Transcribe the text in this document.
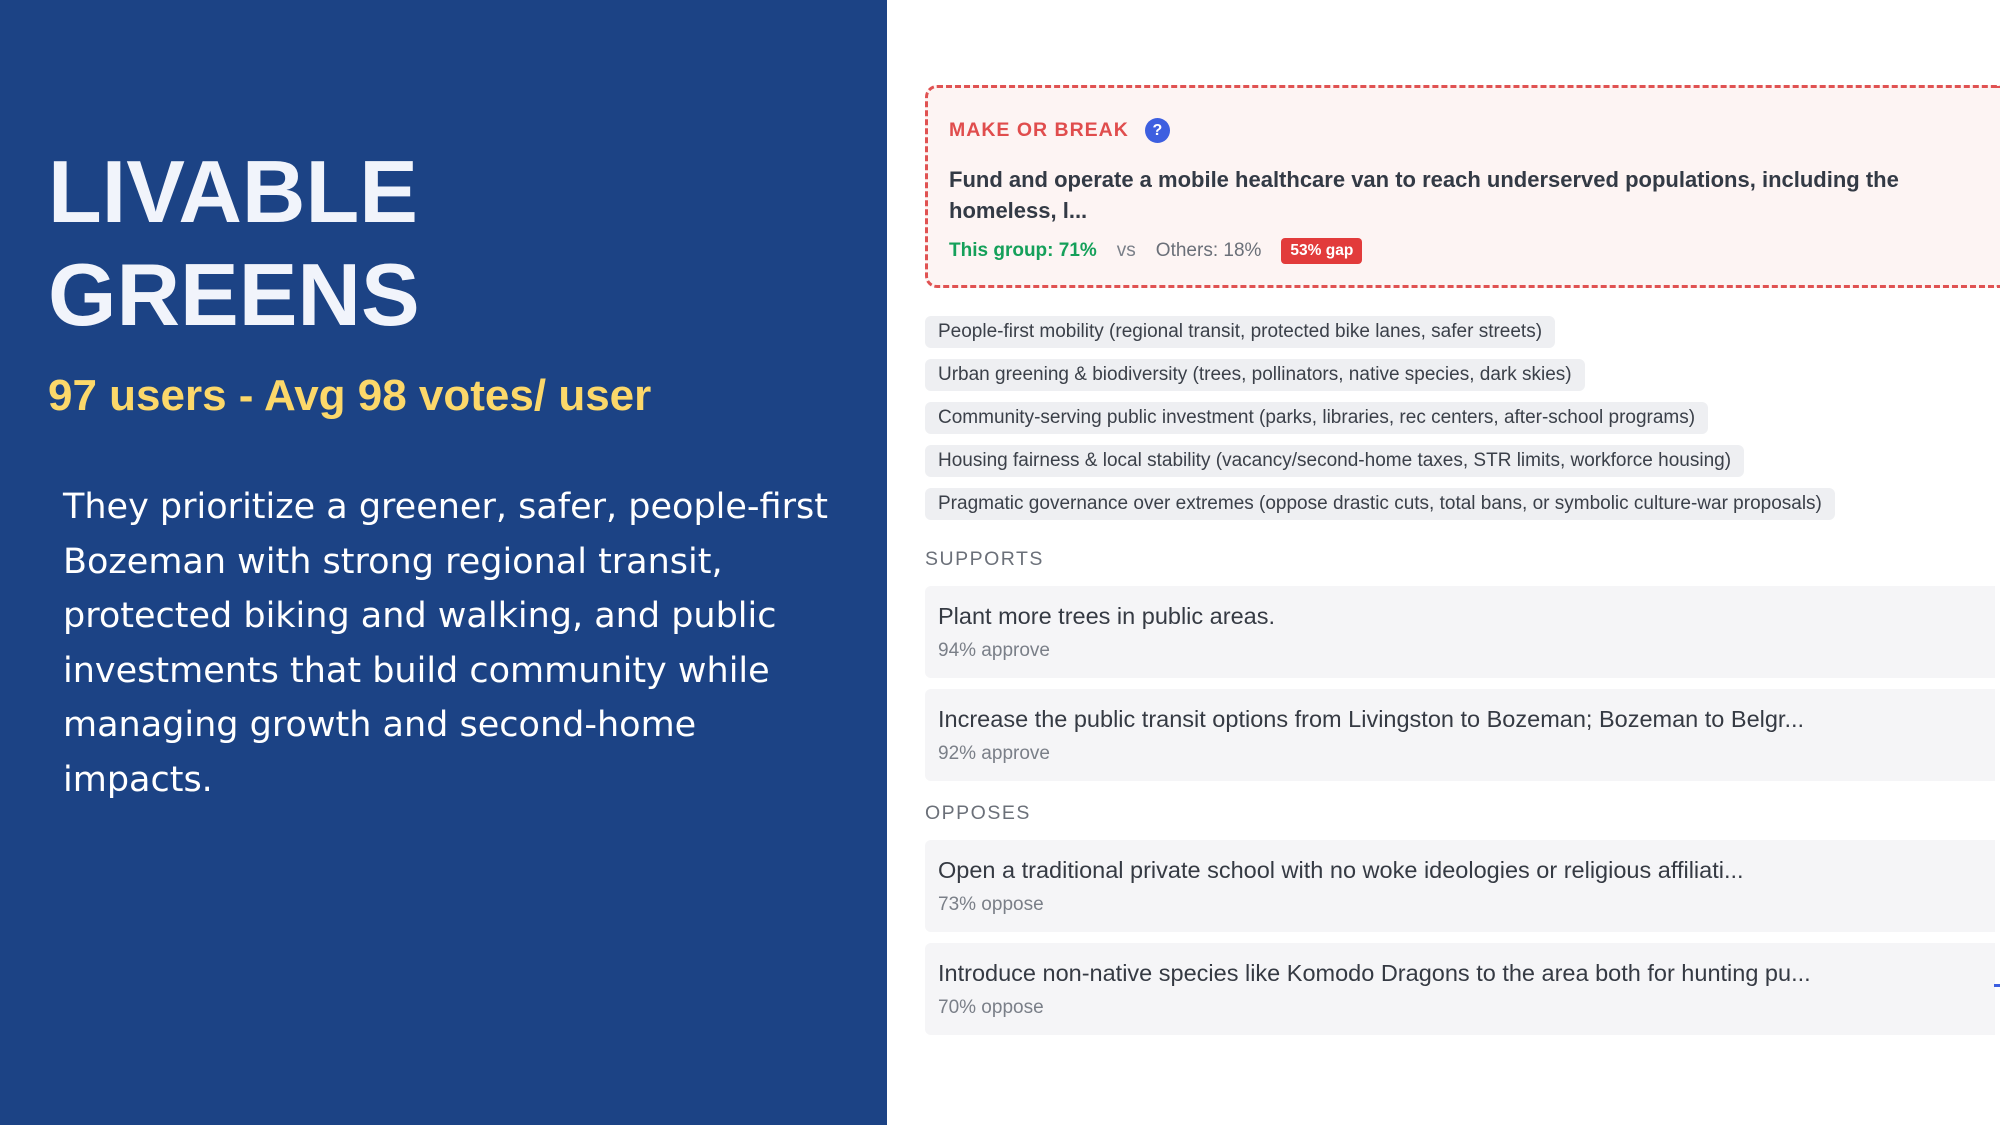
LIVABLE
GREENS
97 users - Avg 98 votes/ user
They prioritize a greener, safer, people-first Bozeman with strong regional transit, protected biking and walking, and public investments that build community while managing growth and second-home impacts.
MAKE OR BREAK	?
Fund and operate a mobile healthcare van to reach underserved populations, including the homeless, l...
This group: 71% vs Others: 18%	53% gap
People-first mobility (regional transit, protected bike lanes, safer streets)
Urban greening & biodiversity (trees, pollinators, native species, dark skies)
Community-serving public investment (parks, libraries, rec centers, after-school programs)
Housing fairness & local stability (vacancy/second-home taxes, STR limits, workforce housing)
Pragmatic governance over extremes (oppose drastic cuts, total bans, or symbolic culture-war proposals)
SUPPORTS
Plant more trees in public areas.
94% approve
Increase the public transit options from Livingston to Bozeman; Bozeman to Belgr...
92% approve
OPPOSES
Open a traditional private school with no woke ideologies or religious affiliati...
73% oppose
Introduce non-native species like Komodo Dragons to the area both for hunting pu...
70% oppose
